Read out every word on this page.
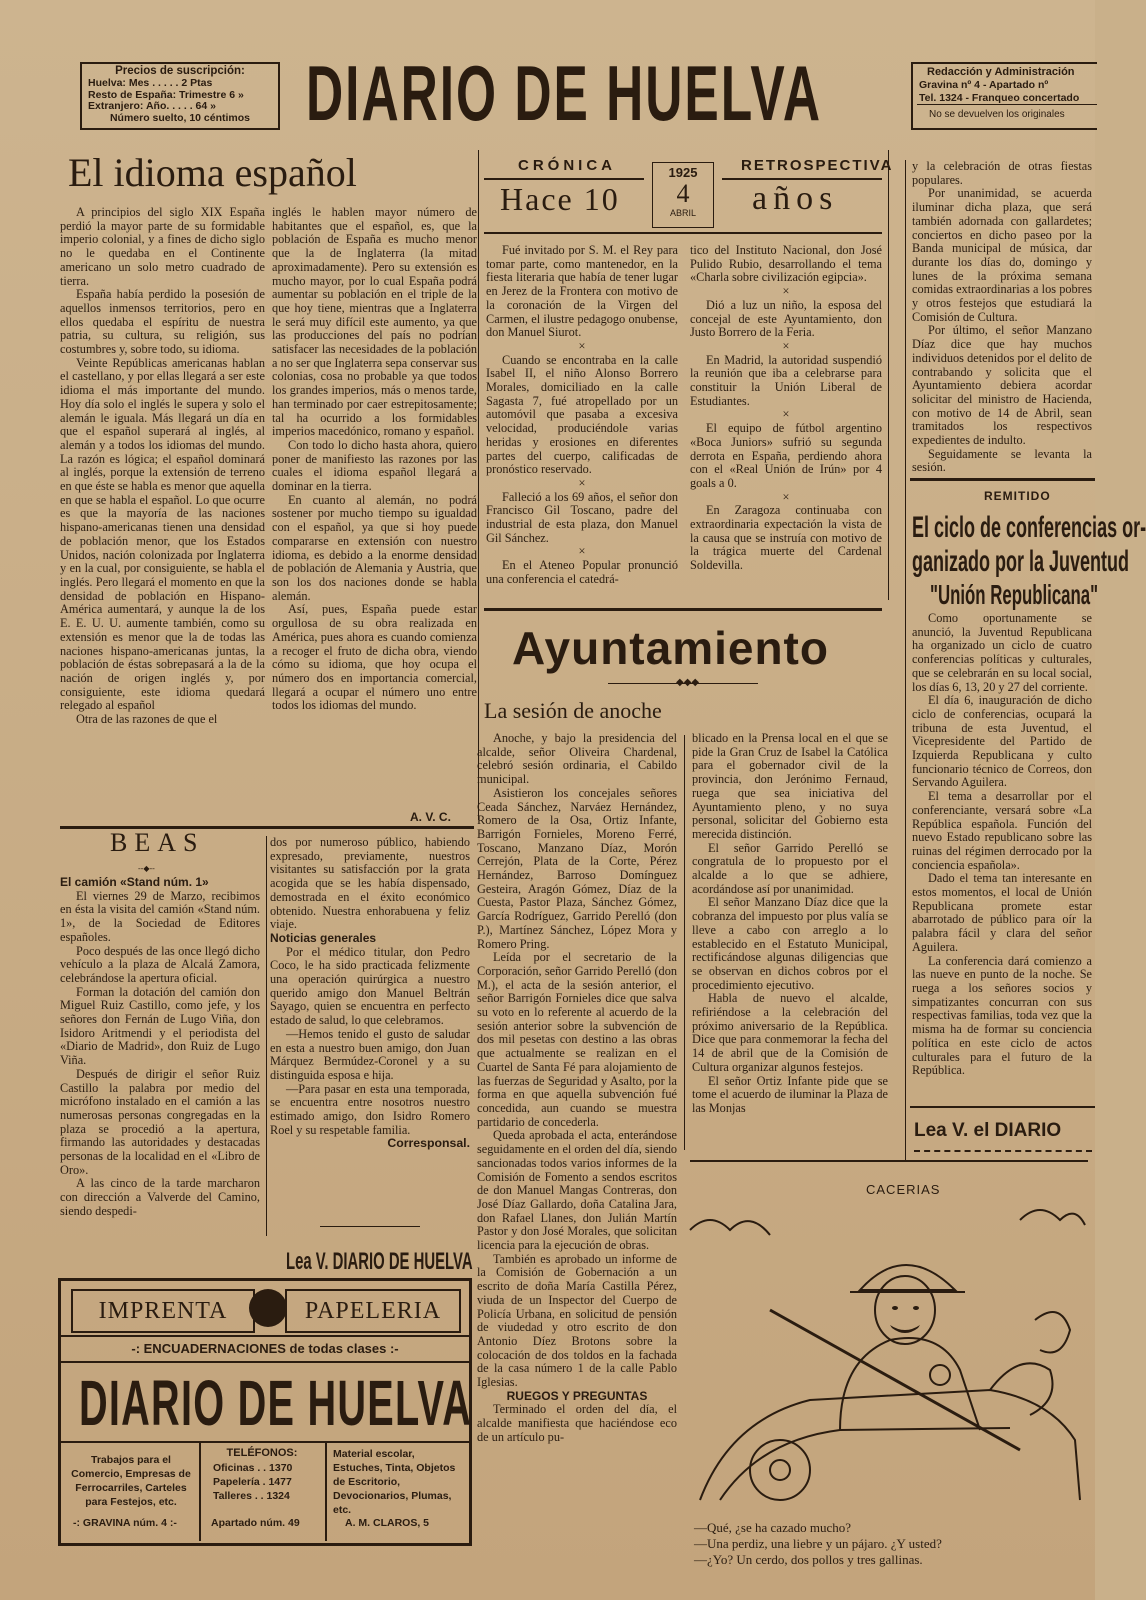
Precios de suscripción:
Huelva: Mes . . . . . 2 Ptas
Resto de España: Trimestre 6 »
Extranjero: Año. . . . . 64 »
Número suelto, 10 céntimos DIARIO DE HUELVA	Redacción y Administración
Gravina nº 4 - Apartado nº
Tel. 1324 - Franqueo concertado
No se devuelven los originales
El idioma español

A principios del siglo XIX España perdió la mayor parte de su formidable imperio colonial, y a fines de dicho siglo no le quedaba en el Continente americano un solo metro cuadrado de tierra.

España había perdido la posesión de aquellos inmensos territorios, pero en ellos quedaba el espíritu de nuestra patria, su cultura, su religión, sus costumbres y, sobre todo, su idioma.

Veinte Repúblicas americanas hablan el castellano, y por ellas llegará a ser este idioma el más importante del mundo. Hoy día solo el inglés le supera y solo el alemán le iguala. Más llegará un día en que el español superará al inglés, al alemán y a todos los idiomas del mundo. La razón es lógica; el español dominará al inglés, porque la extensión de terreno en que éste se habla es menor que aquella en que se habla el español. Lo que ocurre es que la mayoría de las naciones hispano-americanas tienen una densidad de población menor, que los Estados Unidos, nación colonizada por Inglaterra y en la cual, por consiguiente, se habla el inglés. Pero llegará el momento en que la densidad de población en Hispano-América aumentará, y aunque la de los E. E. U. U. aumente también, como su extensión es menor que la de todas las naciones hispano-americanas juntas, la población de éstas sobrepasará a la de la nación de origen inglés y, por consiguiente, este idioma quedará relegado al español

Otra de las razones de que el

inglés le hablen mayor número de habitantes que el español, es, que la población de España es mucho menor que la de Inglaterra (la mitad aproximadamente). Pero su extensión es mucho mayor, por lo cual España podrá aumentar su población en el triple de la que hoy tiene, mientras que a Inglaterra le será muy difícil este aumento, ya que las producciones del país no podrían satisfacer las necesidades de la población a no ser que Inglaterra sepa conservar sus colonias, cosa no probable ya que todos los grandes imperios, más o menos tarde, han terminado por caer estrepitosamente; tal ha ocurrido a los formidables imperios macedónico, romano y español.

Con todo lo dicho hasta ahora, quiero poner de manifiesto las razones por las cuales el idioma español llegará a dominar en la tierra.

En cuanto al alemán, no podrá sostener por mucho tiempo su igualdad con el español, ya que si hoy puede compararse en extensión con nuestro idioma, es debido a la enorme densidad de población de Alemania y Austria, que son los dos naciones donde se habla alemán.

Así, pues, España puede estar orgullosa de su obra realizada en América, pues ahora es cuando comienza a recoger el fruto de dicha obra, viendo cómo su idioma, que hoy ocupa el número dos en importancia comercial, llegará a ocupar el número uno entre todos los idiomas del mundo.

A. V. C.
CRÓNICA
Hace 10
1925
4
ABRIL
RETROSPECTIVA
años

Fué invitado por S. M. el Rey para tomar parte, como mantenedor, en la fiesta literaria que había de tener lugar en Jerez de la Frontera con motivo de la coronación de la Virgen del Carmen, el ilustre pedagogo onubense, don Manuel Siurot.

×

Cuando se encontraba en la calle Isabel II, el niño Alonso Borrero Morales, domiciliado en la calle Sagasta 7, fué atropellado por un automóvil que pasaba a excesiva velocidad, produciéndole varias heridas y erosiones en diferentes partes del cuerpo, calificadas de pronóstico reservado.

×

Falleció a los 69 años, el señor don Francisco Gil Toscano, padre del industrial de esta plaza, don Manuel Gil Sánchez.

×

En el Ateneo Popular pronunció una conferencia el catedrá-

tico del Instituto Nacional, don José Pulido Rubio, desarrollando el tema «Charla sobre civilización egipcia».

×

Dió a luz un niño, la esposa del concejal de este Ayuntamiento, don Justo Borrero de la Feria.

×

En Madrid, la autoridad suspendió la reunión que iba a celebrarse para constituir la Unión Liberal de Estudiantes.

×

El equipo de fútbol argentino «Boca Juniors» sufrió su segunda derrota en España, perdiendo ahora con el «Real Unión de Irún» por 4 goals a 0.

×

En Zaragoza continuaba con extraordinaria expectación la vista de la causa que se instruía con motivo de la trágica muerte del Cardenal Soldevilla.

y la celebración de otras fiestas populares.

Por unanimidad, se acuerda iluminar dicha plaza, que será también adornada con gallardetes; conciertos en dicho paseo por la Banda municipal de música, dar durante los días do, domingo y lunes de la próxima semana comidas extraordinarias a los pobres y otros festejos que estudiará la Comisión de Cultura.

Por último, el señor Manzano Díaz dice que hay muchos individuos detenidos por el delito de contrabando y solicita que el Ayuntamiento debiera acordar solicitar del ministro de Hacienda, con motivo de 14 de Abril, sean tramitados los respectivos expedientes de indulto.

Seguidamente se levanta la sesión.

REMITIDO
El ciclo de conferencias or-
ganizado por la Juventud
"Unión Republicana"

Como oportunamente se anunció, la Juventud Republicana ha organizado un ciclo de cuatro conferencias políticas y culturales, que se celebrarán en su local social, los días 6, 13, 20 y 27 del corriente.

El día 6, inauguración de dicho ciclo de conferencias, ocupará la tribuna de esta Juventud, el Vicepresidente del Partido de Izquierda Republicana y culto funcionario técnico de Correos, don Servando Aguilera.

El tema a desarrollar por el conferenciante, versará sobre «La República española. Función del nuevo Estado republicano sobre las ruinas del régimen derrocado por la conciencia española».

Dado el tema tan interesante en estos momentos, el local de Unión Republicana promete estar abarrotado de público para oír la palabra fácil y clara del señor Aguilera.

La conferencia dará comienzo a las nueve en punto de la noche. Se ruega a los señores socios y simpatizantes concurran con sus respectivas familias, toda vez que la misma ha de formar su conciencia política en este ciclo de actos culturales para el futuro de la República.

Lea V. el DIARIO
Ayuntamiento
◆◆◆
La sesión de anoche

Anoche, y bajo la presidencia del alcalde, señor Oliveira Chardenal, celebró sesión ordinaria, el Cabildo municipal.

Asistieron los concejales señores Ceada Sánchez, Narváez Hernández, Romero de la Osa, Ortiz Infante, Barrigón Fornieles, Moreno Ferré, Toscano, Manzano Díaz, Morón Cerrejón, Plata de la Corte, Pérez Hernández, Barroso Domínguez Gesteira, Aragón Gómez, Díaz de la Cuesta, Pastor Plaza, Sánchez Gómez, García Rodríguez, Garrido Perelló (don P.), Martínez Sánchez, López Mora y Romero Pring.

Leída por el secretario de la Corporación, señor Garrido Perelló (don M.), el acta de la sesión anterior, el señor Barrigón Fornieles dice que salva su voto en lo referente al acuerdo de la sesión anterior sobre la subvención de dos mil pesetas con destino a las obras que actualmente se realizan en el Cuartel de Santa Fé para alojamiento de las fuerzas de Seguridad y Asalto, por la forma en que aquella subvención fué concedida, aun cuando se muestra partidario de concederla.

Queda aprobada el acta, enterándose seguidamente en el orden del día, siendo sancionadas todos varios informes de la Comisión de Fomento a sendos escritos de don Manuel Mangas Contreras, don José Díaz Gallardo, doña Catalina Jara, don Rafael Llanes, don Julián Martín Pastor y don José Morales, que solicitan licencia para la ejecución de obras.

También es aprobado un informe de la Comisión de Gobernación a un escrito de doña María Castilla Pérez, viuda de un Inspector del Cuerpo de Policía Urbana, en solicitud de pensión de viudedad y otro escrito de don Antonio Díez Brotons sobre la colocación de dos toldos en la fachada de la casa número 1 de la calle Pablo Iglesias.

RUEGOS Y PREGUNTAS

Terminado el orden del día, el alcalde manifiesta que haciéndose eco de un artículo pu-

blicado en la Prensa local en el que se pide la Gran Cruz de Isabel la Católica para el gobernador civil de la provincia, don Jerónimo Fernaud, ruega que sea iniciativa del Ayuntamiento pleno, y no suya personal, solicitar del Gobierno esta merecida distinción.

El señor Garrido Perelló se congratula de lo propuesto por el alcalde a lo que se adhiere, acordándose así por unanimidad.

El señor Manzano Díaz dice que la cobranza del impuesto por plus valía se lleve a cabo con arreglo a lo establecido en el Estatuto Municipal, rectificándose algunas diligencias que se observan en dichos cobros por el procedimiento ejecutivo.

Habla de nuevo el alcalde, refiriéndose a la celebración del próximo aniversario de la República. Dice que para conmemorar la fecha del 14 de abril que de la Comisión de Cultura organizar algunos festejos.

El señor Ortiz Infante pide que se tome el acuerdo de iluminar la Plaza de las Monjas

BEAS
--◆--

El camión «Stand núm. 1»

El viernes 29 de Marzo, recibimos en ésta la visita del camión «Stand núm. 1», de la Sociedad de Editores españoles.

Poco después de las once llegó dicho vehículo a la plaza de Alcalá Zamora, celebrándose la apertura oficial.

Forman la dotación del camión don Miguel Ruiz Castillo, como jefe, y los señores don Fernán de Lugo Viña, don Isidoro Aritmendi y el periodista del «Diario de Madrid», don Ruiz de Lugo Viña.

Después de dirigir el señor Ruiz Castillo la palabra por medio del micrófono instalado en el camión a las numerosas personas congregadas en la plaza se procedió a la apertura, firmando las autoridades y destacadas personas de la localidad en el «Libro de Oro».

A las cinco de la tarde marcharon con dirección a Valverde del Camino, siendo despedi-

dos por numeroso público, habiendo expresado, previamente, nuestros visitantes su satisfacción por la grata acogida que se les había dispensado, demostrada en el éxito económico obtenido. Nuestra enhorabuena y feliz viaje.

Noticias generales

Por el médico titular, don Pedro Coco, le ha sido practicada felizmente una operación quirúrgica a nuestro querido amigo don Manuel Beltrán Sayago, quien se encuentra en perfecto estado de salud, lo que celebramos.

—Hemos tenido el gusto de saludar en esta a nuestro buen amigo, don Juan Márquez Bermúdez-Coronel y a su distinguida esposa e hija.

—Para pasar en esta una temporada, se encuentra entre nosotros nuestro estimado amigo, don Isidro Romero Roel y su respetable familia.

Corresponsal.

Lea V. DIARIO DE HUELVA
IMPRENTA	PAPELERIA
-: ENCUADERNACIONES de todas clases :-
DIARIO DE HUELVA
Trabajos para el Comercio, Empresas de Ferrocarriles, Carteles para Festejos, etc.
TELÉFONOS:
Oficinas . . 1370
Papelería . 1477
Talleres . . 1324
Material escolar, Estuches, Tinta, Objetos de Escritorio, Devocionarios, Plumas, etc.
-: GRAVINA núm. 4 :-	Apartado núm. 49	A. M. CLAROS, 5
CACERIAS
—Qué, ¿se ha cazado mucho?
—Una perdiz, una liebre y un pájaro. ¿Y usted?
—¿Yo? Un cerdo, dos pollos y tres gallinas.
